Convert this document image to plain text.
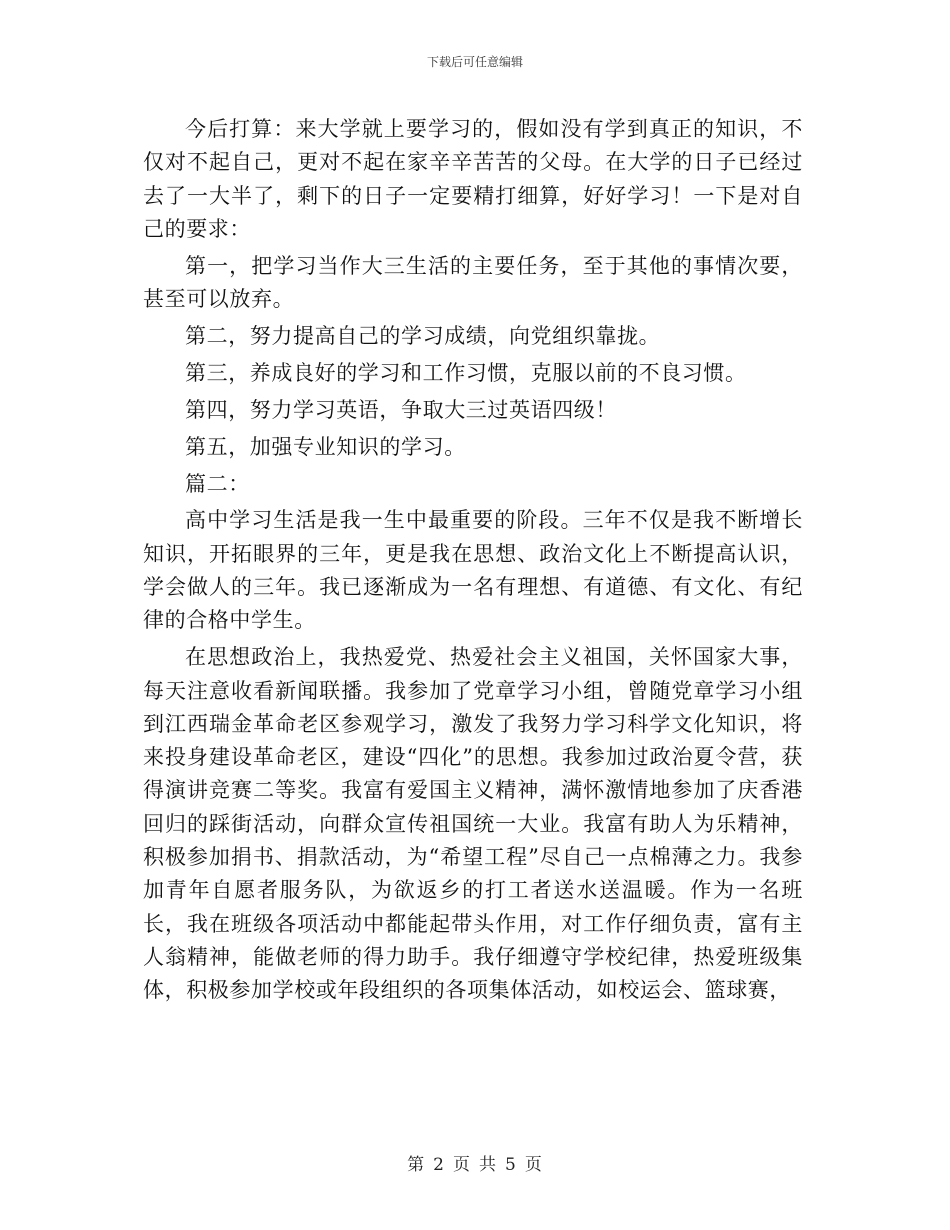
下载后可任意编辑

今后打算：来大学就上要学习的，假如没有学到真正的知识，不仅对不起自己，更对不起在家辛辛苦苦的父母。在大学的日子已经过去了一大半了，剩下的日子一定要精打细算，好好学习！一下是对自己的要求：

第一，把学习当作大三生活的主要任务，至于其他的事情次要，甚至可以放弃。

第二，努力提高自己的学习成绩，向党组织靠拢。

第三，养成良好的学习和工作习惯，克服以前的不良习惯。

第四，努力学习英语，争取大三过英语四级！

第五，加强专业知识的学习。

篇二：

高中学习生活是我一生中最重要的阶段。三年不仅是我不断增长知识，开拓眼界的三年，更是我在思想、政治文化上不断提高认识，学会做人的三年。我已逐渐成为一名有理想、有道德、有文化、有纪律的合格中学生。

在思想政治上，我热爱党、热爱社会主义祖国，关怀国家大事，每天注意收看新闻联播。我参加了党章学习小组，曾随党章学习小组到江西瑞金革命老区参观学习，激发了我努力学习科学文化知识，将来投身建设革命老区，建设“四化”的思想。我参加过政治夏令营，获得演讲竞赛二等奖。我富有爱国主义精神，满怀激情地参加了庆香港回归的踩街活动，向群众宣传祖国统一大业。我富有助人为乐精神，积极参加捐书、捐款活动，为“希望工程”尽自己一点棉薄之力。我参加青年自愿者服务队，为欲返乡的打工者送水送温暖。作为一名班长，我在班级各项活动中都能起带头作用，对工作仔细负责，富有主人翁精神，能做老师的得力助手。我仔细遵守学校纪律，热爱班级集体，积极参加学校或年段组织的各项集体活动，如校运会、篮球赛，

第 2 页 共 5 页
